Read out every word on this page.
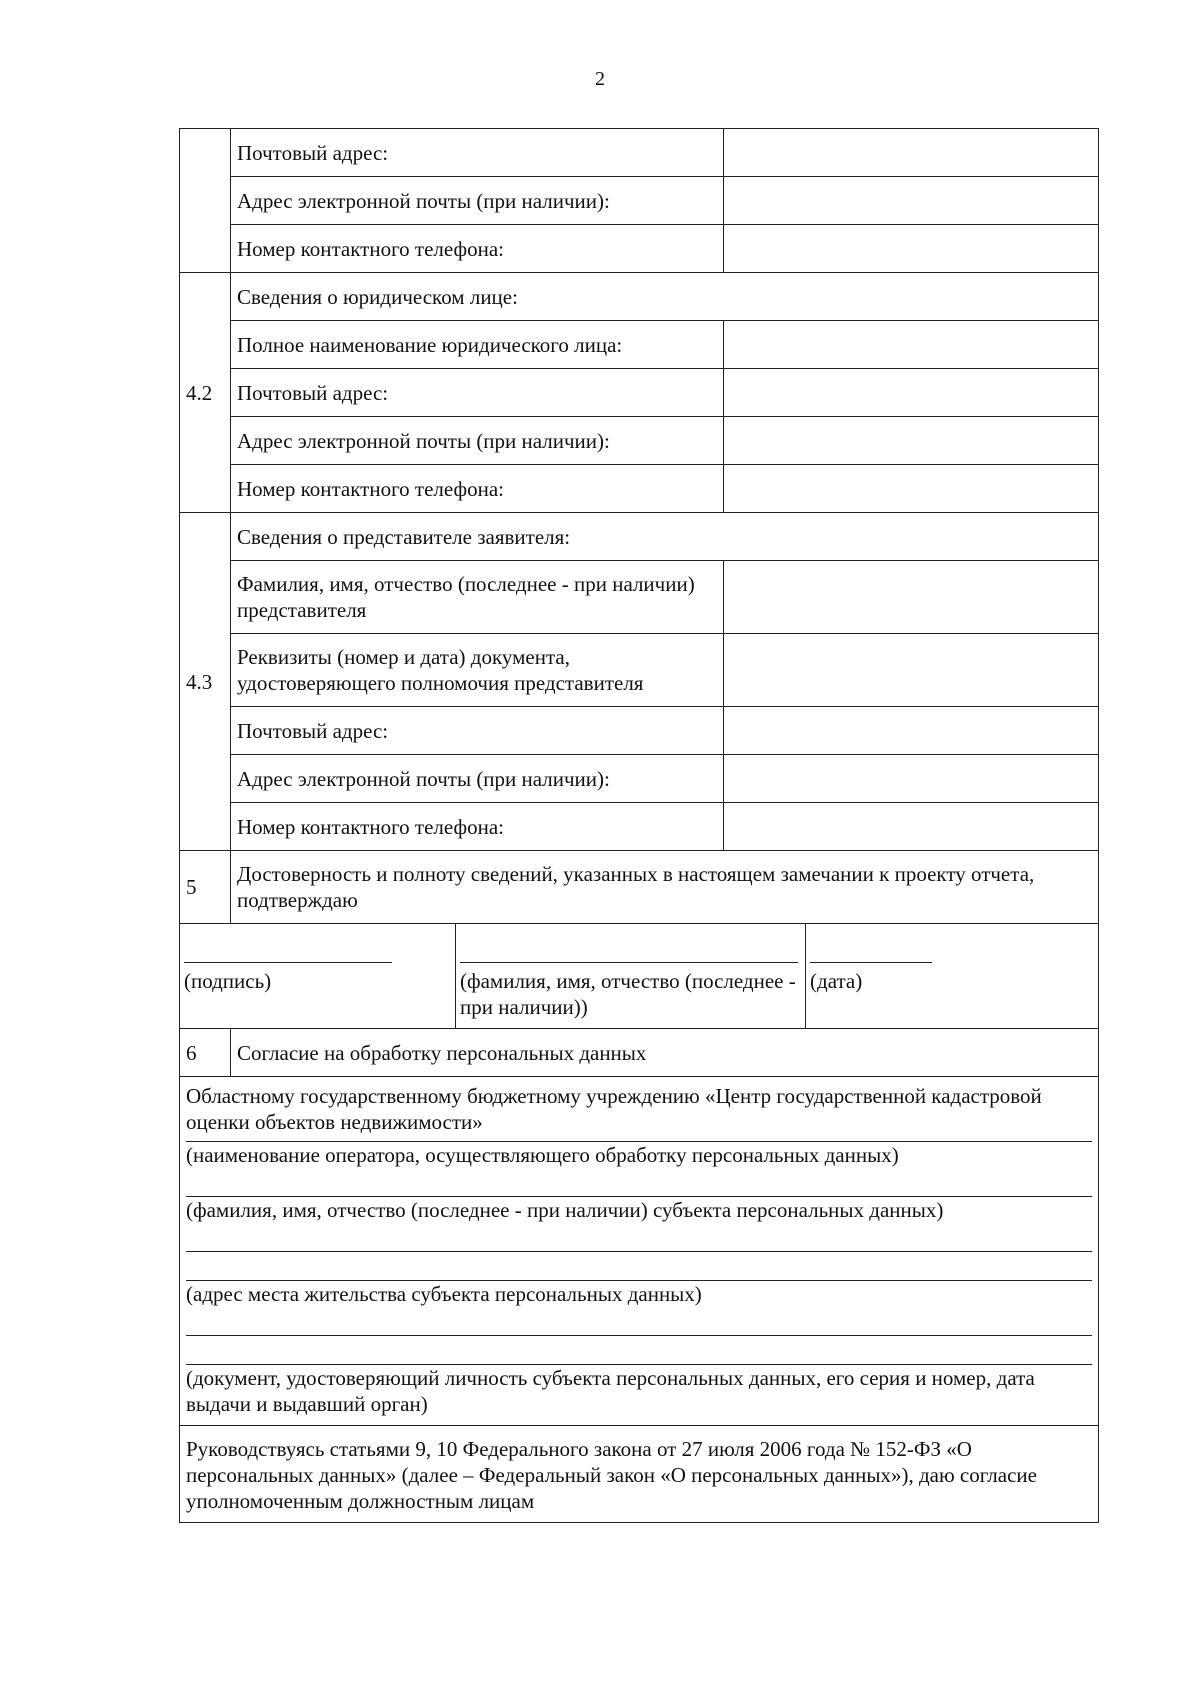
2
	Почтовый адрес:			
	Адрес электронной почты (при наличии):			
	Номер контактного телефона:			
4.2	Сведения о юридическом лице:			
	Полное наименование юридического лица:			
	Почтовый адрес:			
	Адрес электронной почты (при наличии):			
	Номер контактного телефона:			
4.3	Сведения о представителе заявителя:			
	Фамилия, имя, отчество (последнее - при наличии) представителя			
	Реквизиты (номер и дата) документа, удостоверяющего полномочия представителя			
	Почтовый адрес:			
	Адрес электронной почты (при наличии):			
	Номер контактного телефона:			
5	Достоверность и полноту сведений, указанных в настоящем замечании к проекту отчета, подтверждаю			

(подпись)		(фамилия, имя, отчество (последнее - при наличии))		(дата)

6	Согласие на обработку персональных данных			

Областному государственному бюджетному учреждению «Центр государственной кадастровой оценки объектов недвижимости»
(наименование оператора, осуществляющего обработку персональных данных)
(фамилия, имя, отчество (последнее - при наличии) субъекта персональных данных)
(адрес места жительства субъекта персональных данных)
(документ, удостоверяющий личность субъекта персональных данных, его серия и номер, дата выдачи и выдавший орган)				

Руководствуясь статьями 9, 10 Федерального закона от 27 июля 2006 года № 152-ФЗ «О персональных данных» (далее – Федеральный закон «О персональных данных»), даю согласие уполномоченным должностным лицам				
